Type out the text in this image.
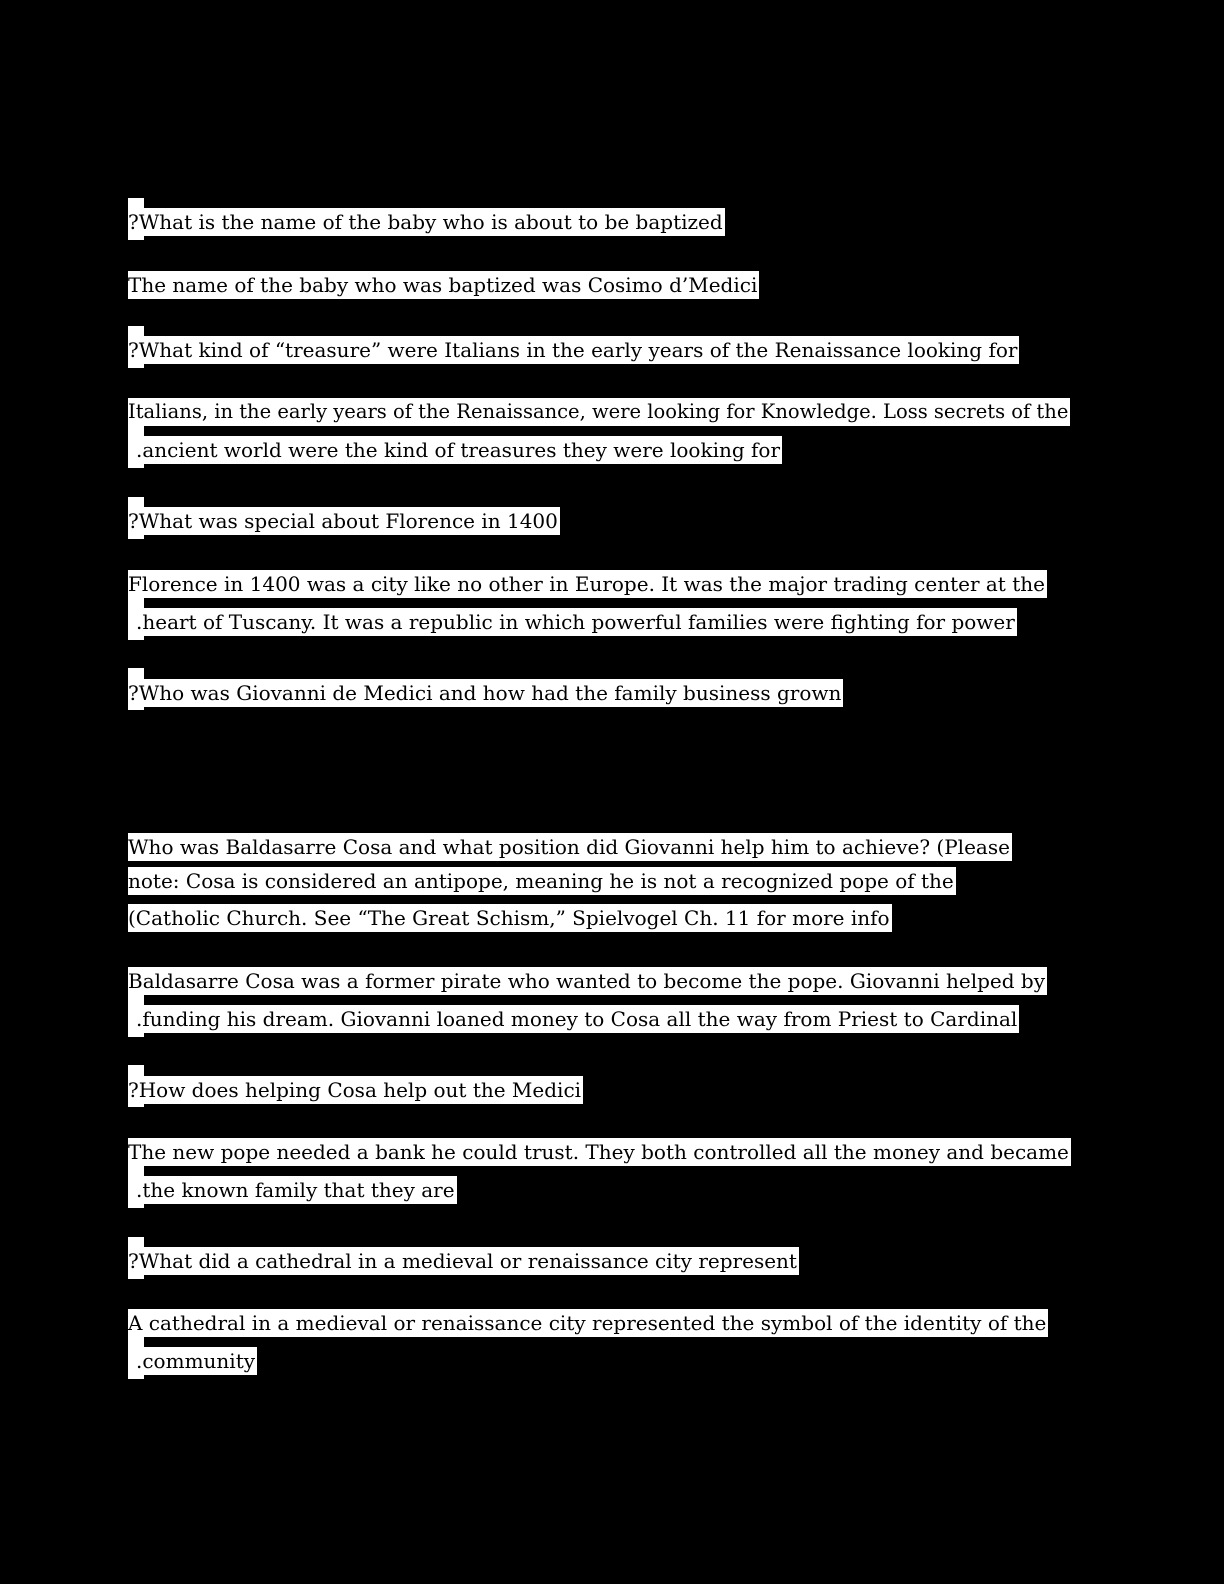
?What is the name of the baby who is about to be baptized
The name of the baby who was baptized was Cosimo d’Medici
?What kind of “treasure” were Italians in the early years of the Renaissance looking for
Italians, in the early years of the Renaissance, were looking for Knowledge. Loss secrets of the
.ancient world were the kind of treasures they were looking for
?What was special about Florence in 1400
Florence in 1400 was a city like no other in Europe. It was the major trading center at the
.heart of Tuscany. It was a republic in which powerful families were fighting for power
?Who was Giovanni de Medici and how had the family business grown
Who was Baldasarre Cosa and what position did Giovanni help him to achieve? (Please
note: Cosa is considered an antipope, meaning he is not a recognized pope of the
(Catholic Church. See “The Great Schism,” Spielvogel Ch. 11 for more info
Baldasarre Cosa was a former pirate who wanted to become the pope. Giovanni helped by
.funding his dream. Giovanni loaned money to Cosa all the way from Priest to Cardinal
?How does helping Cosa help out the Medici
The new pope needed a bank he could trust. They both controlled all the money and became
.the known family that they are
?What did a cathedral in a medieval or renaissance city represent
A cathedral in a medieval or renaissance city represented the symbol of the identity of the
.community
